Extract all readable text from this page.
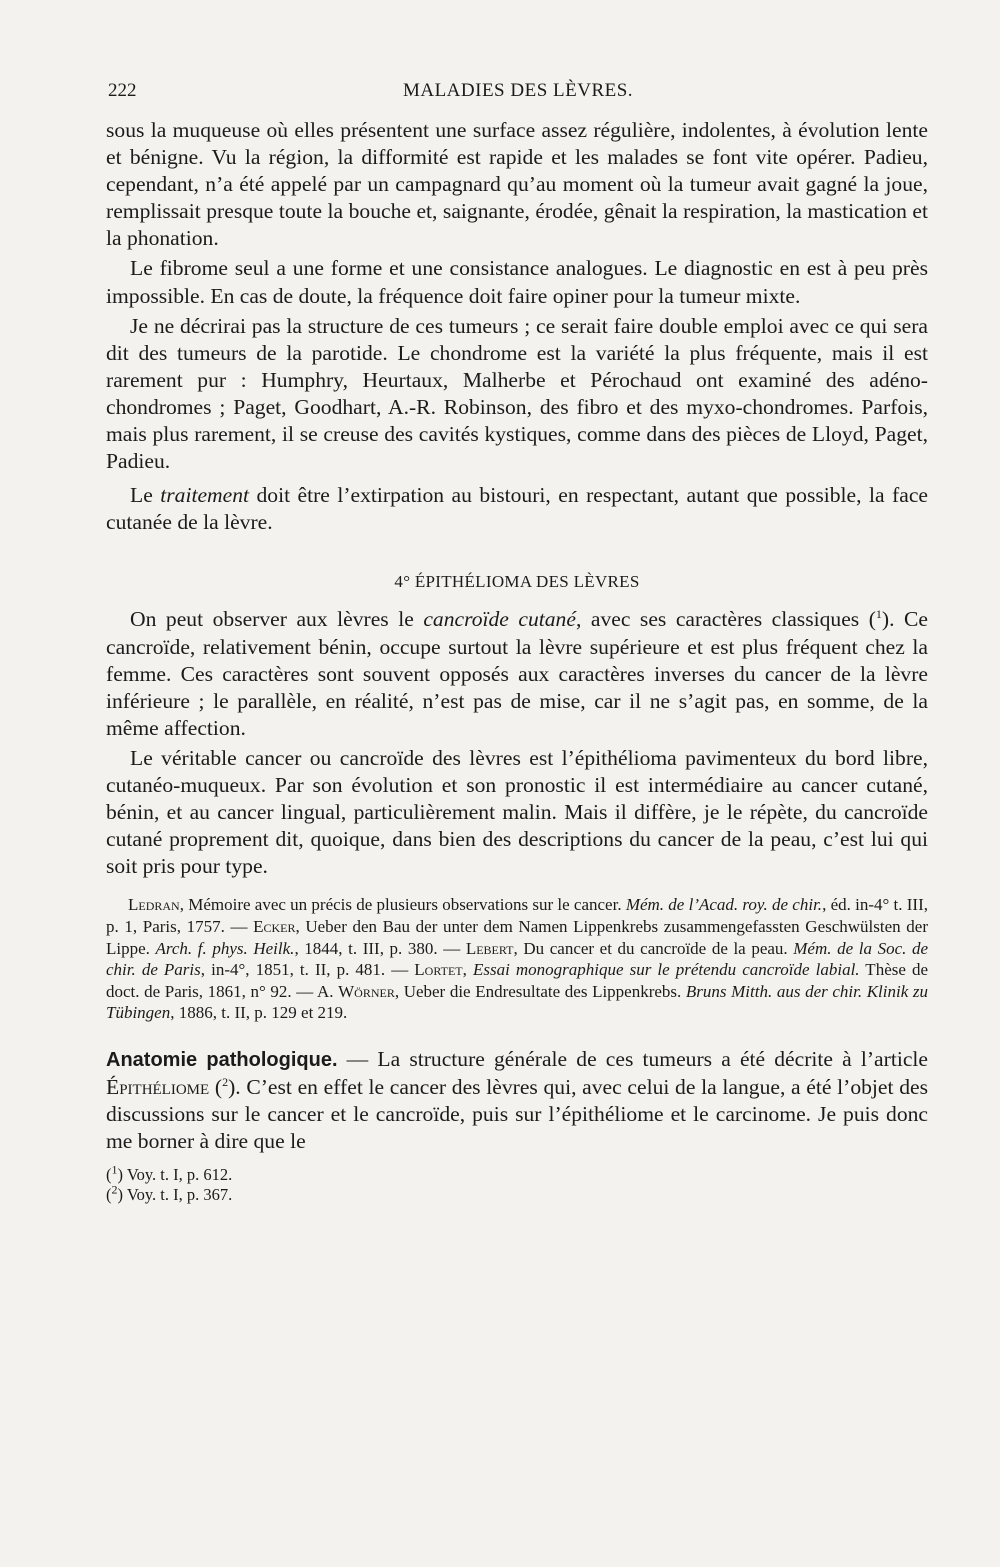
222	MALADIES DES LÈVRES.

sous la muqueuse où elles présentent une surface assez régulière, indolentes, à évolution lente et bénigne. Vu la région, la difformité est rapide et les malades se font vite opérer. Padieu, cependant, n’a été appelé par un campagnard qu’au moment où la tumeur avait gagné la joue, remplissait presque toute la bouche et, saignante, érodée, gênait la respiration, la mastication et la phonation.

Le fibrome seul a une forme et une consistance analogues. Le diagnostic en est à peu près impossible. En cas de doute, la fréquence doit faire opiner pour la tumeur mixte.

Je ne décrirai pas la structure de ces tumeurs ; ce serait faire double emploi avec ce qui sera dit des tumeurs de la parotide. Le chondrome est la variété la plus fréquente, mais il est rarement pur : Humphry, Heurtaux, Malherbe et Pérochaud ont examiné des adéno-chondromes ; Paget, Goodhart, A.-R. Robinson, des fibro et des myxo-chondromes. Parfois, mais plus rarement, il se creuse des cavités kystiques, comme dans des pièces de Lloyd, Paget, Padieu.

Le traitement doit être l’extirpation au bistouri, en respectant, autant que possible, la face cutanée de la lèvre.

4° ÉPITHÉLIOMA DES LÈVRES

On peut observer aux lèvres le cancroïde cutané, avec ses caractères classiques ($^1$). Ce cancroïde, relativement bénin, occupe surtout la lèvre supérieure et est plus fréquent chez la femme. Ces caractères sont souvent opposés aux caractères inverses du cancer de la lèvre inférieure ; le parallèle, en réalité, n’est pas de mise, car il ne s’agit pas, en somme, de la même affection.

Le véritable cancer ou cancroïde des lèvres est l’épithélioma pavimenteux du bord libre, cutanéo-muqueux. Par son évolution et son pronostic il est intermédiaire au cancer cutané, bénin, et au cancer lingual, particulièrement malin. Mais il diffère, je le répète, du cancroïde cutané proprement dit, quoique, dans bien des descriptions du cancer de la peau, c’est lui qui soit pris pour type.

Ledran, Mémoire avec un précis de plusieurs observations sur le cancer. Mém. de l’Acad. roy. de chir., éd. in-4° t. III, p. 1, Paris, 1757. — Ecker, Ueber den Bau der unter dem Namen Lippenkrebs zusammengefassten Geschwülsten der Lippe. Arch. f. phys. Heilk., 1844, t. III, p. 380. — Lebert, Du cancer et du cancroïde de la peau. Mém. de la Soc. de chir. de Paris, in-4°, 1851, t. II, p. 481. — Lortet, Essai monographique sur le prétendu cancroïde labial. Thèse de doct. de Paris, 1861, n° 92. — A. Wörner, Ueber die Endresultate des Lippenkrebs. Bruns Mitth. aus der chir. Klinik zu Tübingen, 1886, t. II, p. 129 et 219.

Anatomie pathologique. — La structure générale de ces tumeurs a été décrite à l’article Épithéliome ($^2$). C’est en effet le cancer des lèvres qui, avec celui de la langue, a été l’objet des discussions sur le cancer et le cancroïde, puis sur l’épithéliome et le carcinome. Je puis donc me borner à dire que le

($^1$) Voy. t. I, p. 612.
($^2$) Voy. t. I, p. 367.
